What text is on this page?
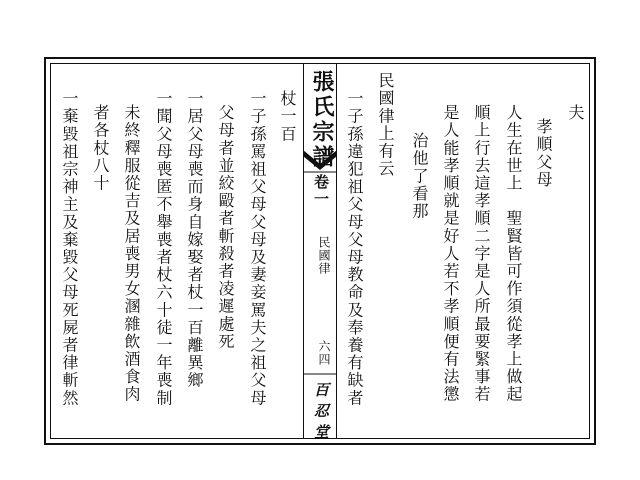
張氏宗譜
卷一
民國律
六四
百忍堂
夫
孝順父母
人生在世上　聖賢皆可作須從孝上做起
順上行去這孝順二字是人所最要緊事若
是人能孝順就是好人若不孝順便有法懲
治他了看那
民國律上有云
一子孫違犯祖父母父母教命及奉養有缺者
杖一百
一子孫罵祖父母父母及妻妾罵夫之祖父母
父母者並絞毆者斬殺者凌遲處死
一居父母喪而身自嫁娶者杖一百離異鄉
一聞父母喪匿不舉喪者杖六十徒一年喪制
未終釋服從吉及居喪男女溷雜飲酒食肉
者各杖八十
一棄毀祖宗神主及棄毀父母死屍者律斬然
